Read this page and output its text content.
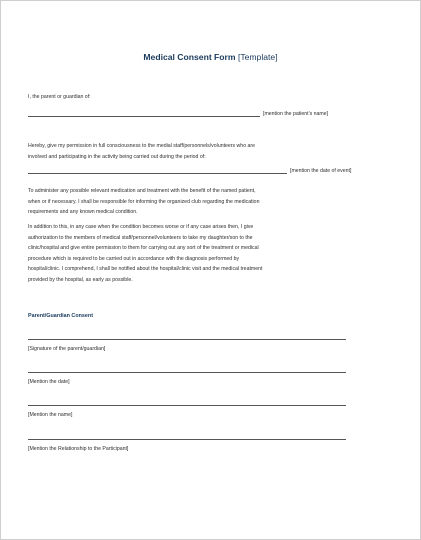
Medical Consent Form [Template]
I, the parent or guardian of:
[mention the patient’s name]
Hereby, give my permission in full consciousness to the medial staff/personnels/volunteers who are
involved and participating in the activity being carried out during the period of:
[mention the date of event]
To administer any possible relevant medication and treatment with the benefit of the named patient,
when or if necessary. I shall be responsible for informing the organized club regarding the medication
requirements and any known medical condition.
In addition to this, in any case when the condition becomes worse or if any case arises then, I give
authorization to the members of medical staff/personnel/volunteers to take my daughter/son to the
clinic/hospital and give entire permission to them for carrying out any sort of the treatment or medical
procedure which is required to be carried out in accordance with the diagnosis performed by
hospital/clinic. I comprehend, I shall be notified about the hospital/clinic visit and the medical treatment
provided by the hospital, as early as possible.
Parent/Guardian Consent
[Signature of the parent/guardian]
[Mention the date]
[Mention the name]
[Mention the Relationship to the Participant]
